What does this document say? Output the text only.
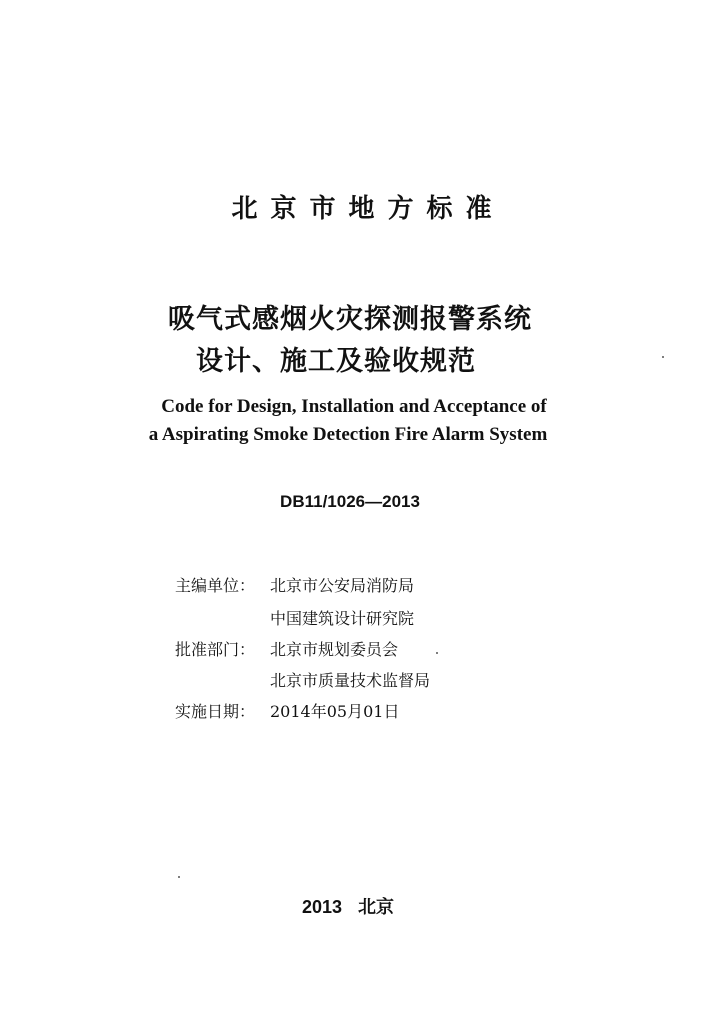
北京市地方标准
吸气式感烟火灾探测报警系统
设计、施工及验收规范
Code for Design, Installation and Acceptance of
a Aspirating Smoke Detection Fire Alarm System
DB11/1026—2013
主编单位： 北京市公安局消防局
中国建筑设计研究院
批准部门： 北京市规划委员会
北京市质量技术监督局
实施日期： 2014年05月01日
2013 北京
